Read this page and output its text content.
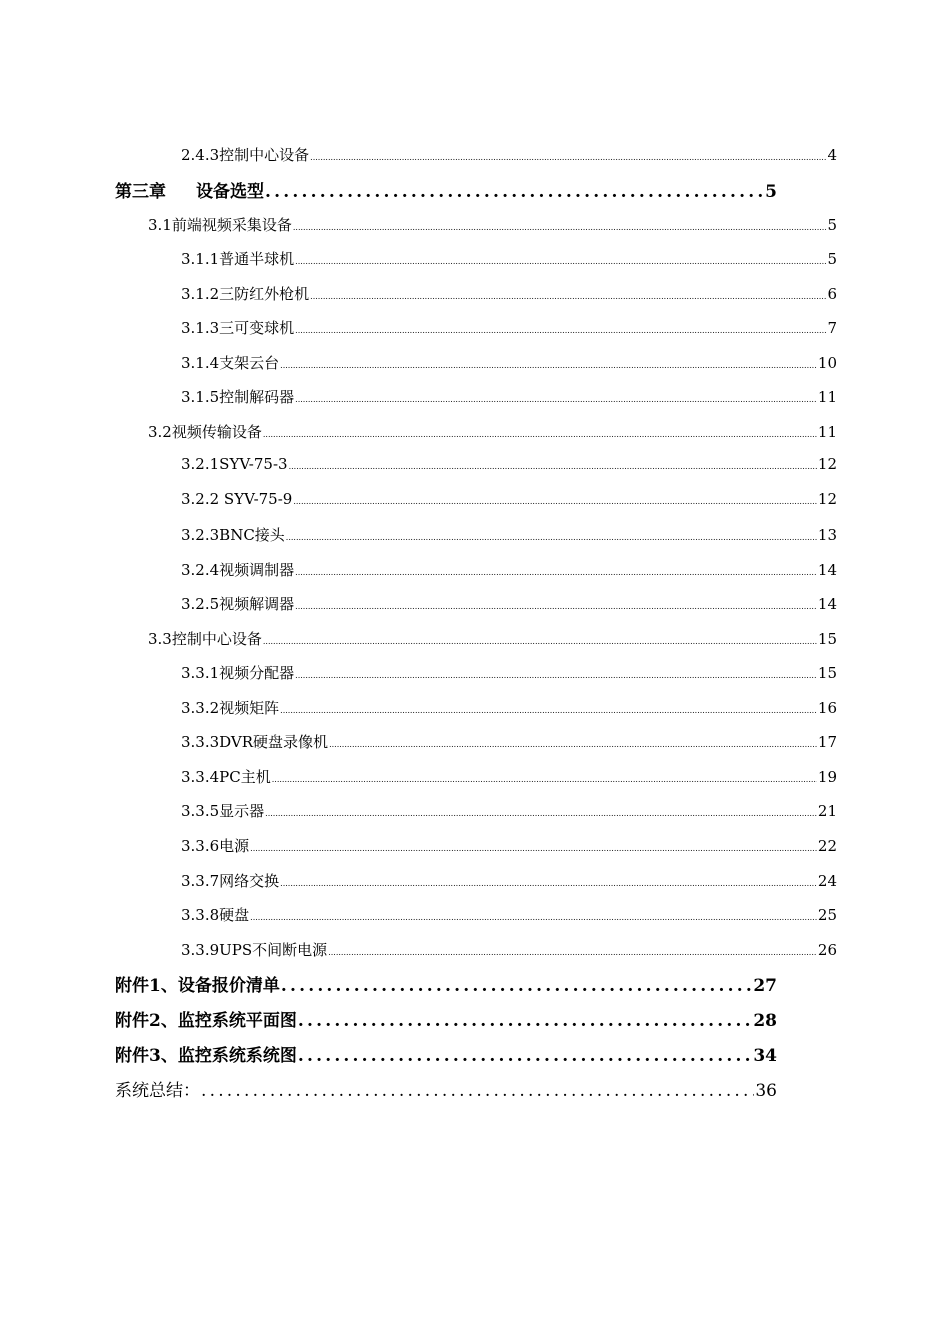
2.4.3控制中心设备 .....	4
第三章 设备选型 .....	5
3.1前端视频采集设备 .....	5
3.1.1普通半球机 .....	5
3.1.2三防红外枪机 .....	6
3.1.3三可变球机 .....	7
3.1.4支架云台 .....	10
3.1.5控制解码器 .....	11
3.2视频传输设备 .....	11
3.2.1SYV-75-3 .....	12
3.2.2 SYV-75-9 .....	12
3.2.3BNC接头 .....	13
3.2.4视频调制器 .....	14
3.2.5视频解调器 .....	14
3.3控制中心设备 .....	15
3.3.1视频分配器 .....	15
3.3.2视频矩阵 .....	16
3.3.3DVR硬盘录像机 .....	17
3.3.4PC主机 .....	19
3.3.5显示器 .....	21
3.3.6电源 .....	22
3.3.7网络交换 .....	24
3.3.8硬盘 .....	25
3.3.9UPS不间断电源 .....	26
附件1、设备报价清单 .....	27
附件2、监控系统平面图 .....	28
附件3、监控系统系统图 .....	34
系统总结： .....	36
